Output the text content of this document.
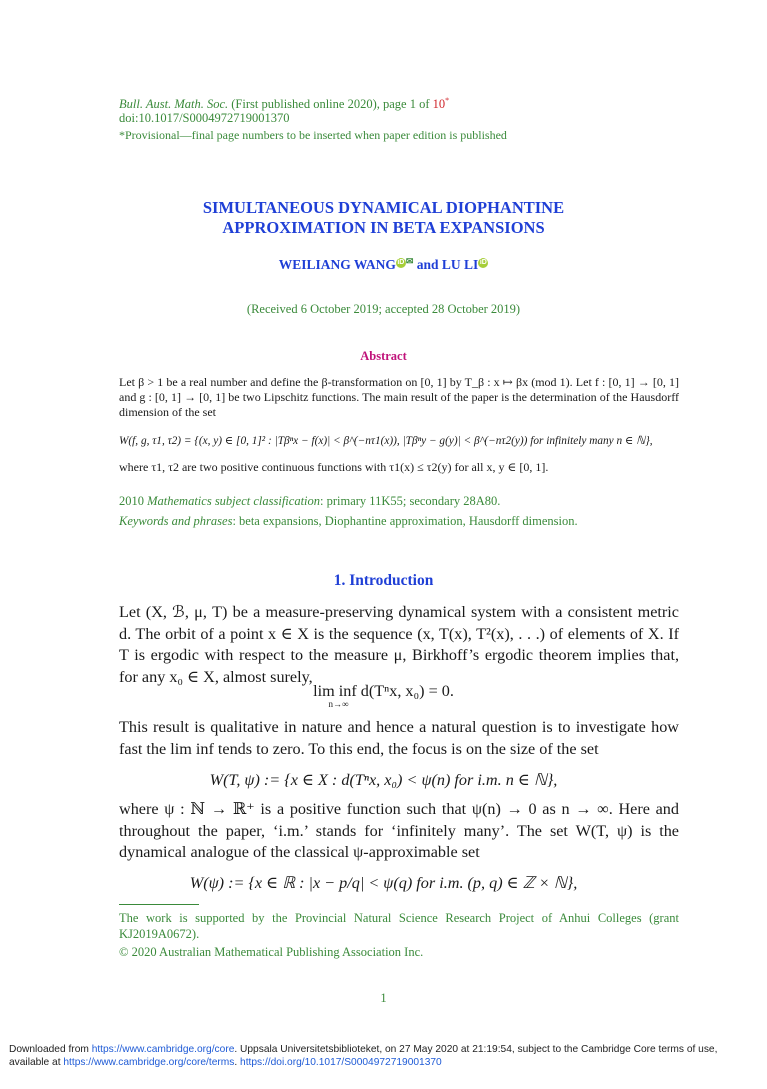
Bull. Aust. Math. Soc. (First published online 2020), page 1 of 10*
doi:10.1017/S0004972719001370
*Provisional—final page numbers to be inserted when paper edition is published
SIMULTANEOUS DYNAMICAL DIOPHANTINE
APPROXIMATION IN BETA EXPANSIONS
WEILIANG WANG iD ✉ and LU LI iD
(Received 6 October 2019; accepted 28 October 2019)
Abstract
Let β > 1 be a real number and define the β-transformation on [0, 1] by T_β : x ↦ βx (mod 1). Let f : [0, 1] → [0, 1] and g : [0, 1] → [0, 1] be two Lipschitz functions. The main result of the paper is the determination of the Hausdorff dimension of the set
W(f, g, τ1, τ2) = {(x, y) ∈ [0, 1]² : |Tβⁿx − f(x)| < β^(−nτ1(x)), |Tβⁿy − g(y)| < β^(−nτ2(y)) for infinitely many n ∈ ℕ},
where τ1, τ2 are two positive continuous functions with τ1(x) ≤ τ2(y) for all x, y ∈ [0, 1].
2010 Mathematics subject classification: primary 11K55; secondary 28A80.
Keywords and phrases: beta expansions, Diophantine approximation, Hausdorff dimension.
1. Introduction
Let (X, ℬ, μ, T) be a measure-preserving dynamical system with a consistent metric d. The orbit of a point x ∈ X is the sequence (x, T(x), T²(x), . . .) of elements of X. If T is ergodic with respect to the measure μ, Birkhoff’s ergodic theorem implies that, for any x₀ ∈ X, almost surely,
lim inf d(Tⁿx, x₀) = 0.
n→∞
This result is qualitative in nature and hence a natural question is to investigate how fast the lim inf tends to zero. To this end, the focus is on the size of the set
W(T, ψ) := {x ∈ X : d(Tⁿx, x₀) < ψ(n) for i.m. n ∈ ℕ},
where ψ : ℕ → ℝ⁺ is a positive function such that ψ(n) → 0 as n → ∞. Here and throughout the paper, ‘i.m.’ stands for ‘infinitely many’. The set W(T, ψ) is the dynamical analogue of the classical ψ-approximable set
W(ψ) := {x ∈ ℝ : |x − p/q| < ψ(q) for i.m. (p, q) ∈ ℤ × ℕ},
The work is supported by the Provincial Natural Science Research Project of Anhui Colleges (grant KJ2019A0672).
© 2020 Australian Mathematical Publishing Association Inc.
1
Downloaded from https://www.cambridge.org/core. Uppsala Universitetsbiblioteket, on 27 May 2020 at 21:19:54, subject to the Cambridge Core terms of use, available at https://www.cambridge.org/core/terms. https://doi.org/10.1017/S0004972719001370
